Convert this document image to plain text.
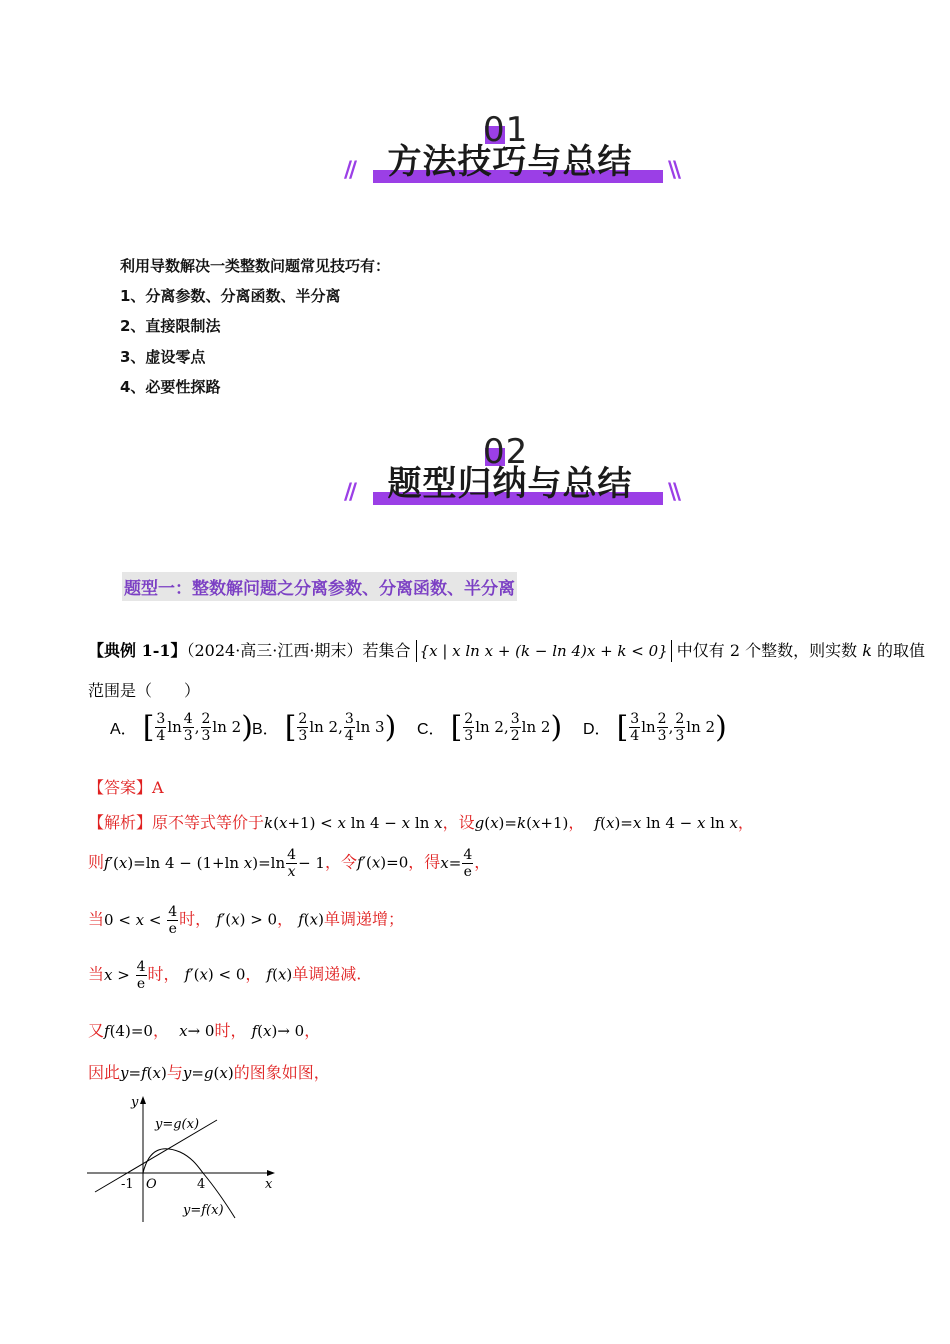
01
//	\\
方法技巧与总结
利用导数解决一类整数问题常见技巧有：
1、分离参数、分离函数、半分离
2、直接限制法
3、虚设零点
4、必要性探路
02
//	\\
题型归纳与总结
题型一：整数解问题之分离参数、分离函数、半分离
【典例 1-1】（2024·高三·江西·期末）若集合 {x | x ln x + (k − ln 4)x + k < 0} 中仅有 2 个整数，则实数 k 的取值
范围是（　　）
A． [ $\frac{3}{4}$ $\ln \frac{4}{3}$ , $\frac{2}{3}$ ln 2) B． [ $\frac{2}{3}$ ln 2, $\frac{3}{4}$ ln 3) C． [ $\frac{2}{3}$ ln 2, $\frac{3}{2}$ ln 2) D． [ $\frac{3}{4}$ $\ln \frac{2}{3}$ , $\frac{2}{3}$ ln 2)
【答案】A
【解析】原不等式等价于k(x+1) < x ln 4 − x ln x，设g(x)=k(x+1)， f(x)=x ln 4 − x ln x，
则f′(x)=ln 4 − (1+ln $x)=\ln \frac{4}{x} - 1$，令f′(x)=0，得$x= \frac{4}{e}$ ，
当$0 < x < \frac{4}{e}$ 时， f′(x) > 0， f(x)单调递增；
当$x > \frac{4}{e}$ 时， f′(x) < 0， f(x)单调递减.
又f(4)=0， x→ 0时， f(x)→ 0，
因此y=f(x)与y=g(x)的图象如图，
y
x
O
-1	4
y=g(x)
y=f(x)
